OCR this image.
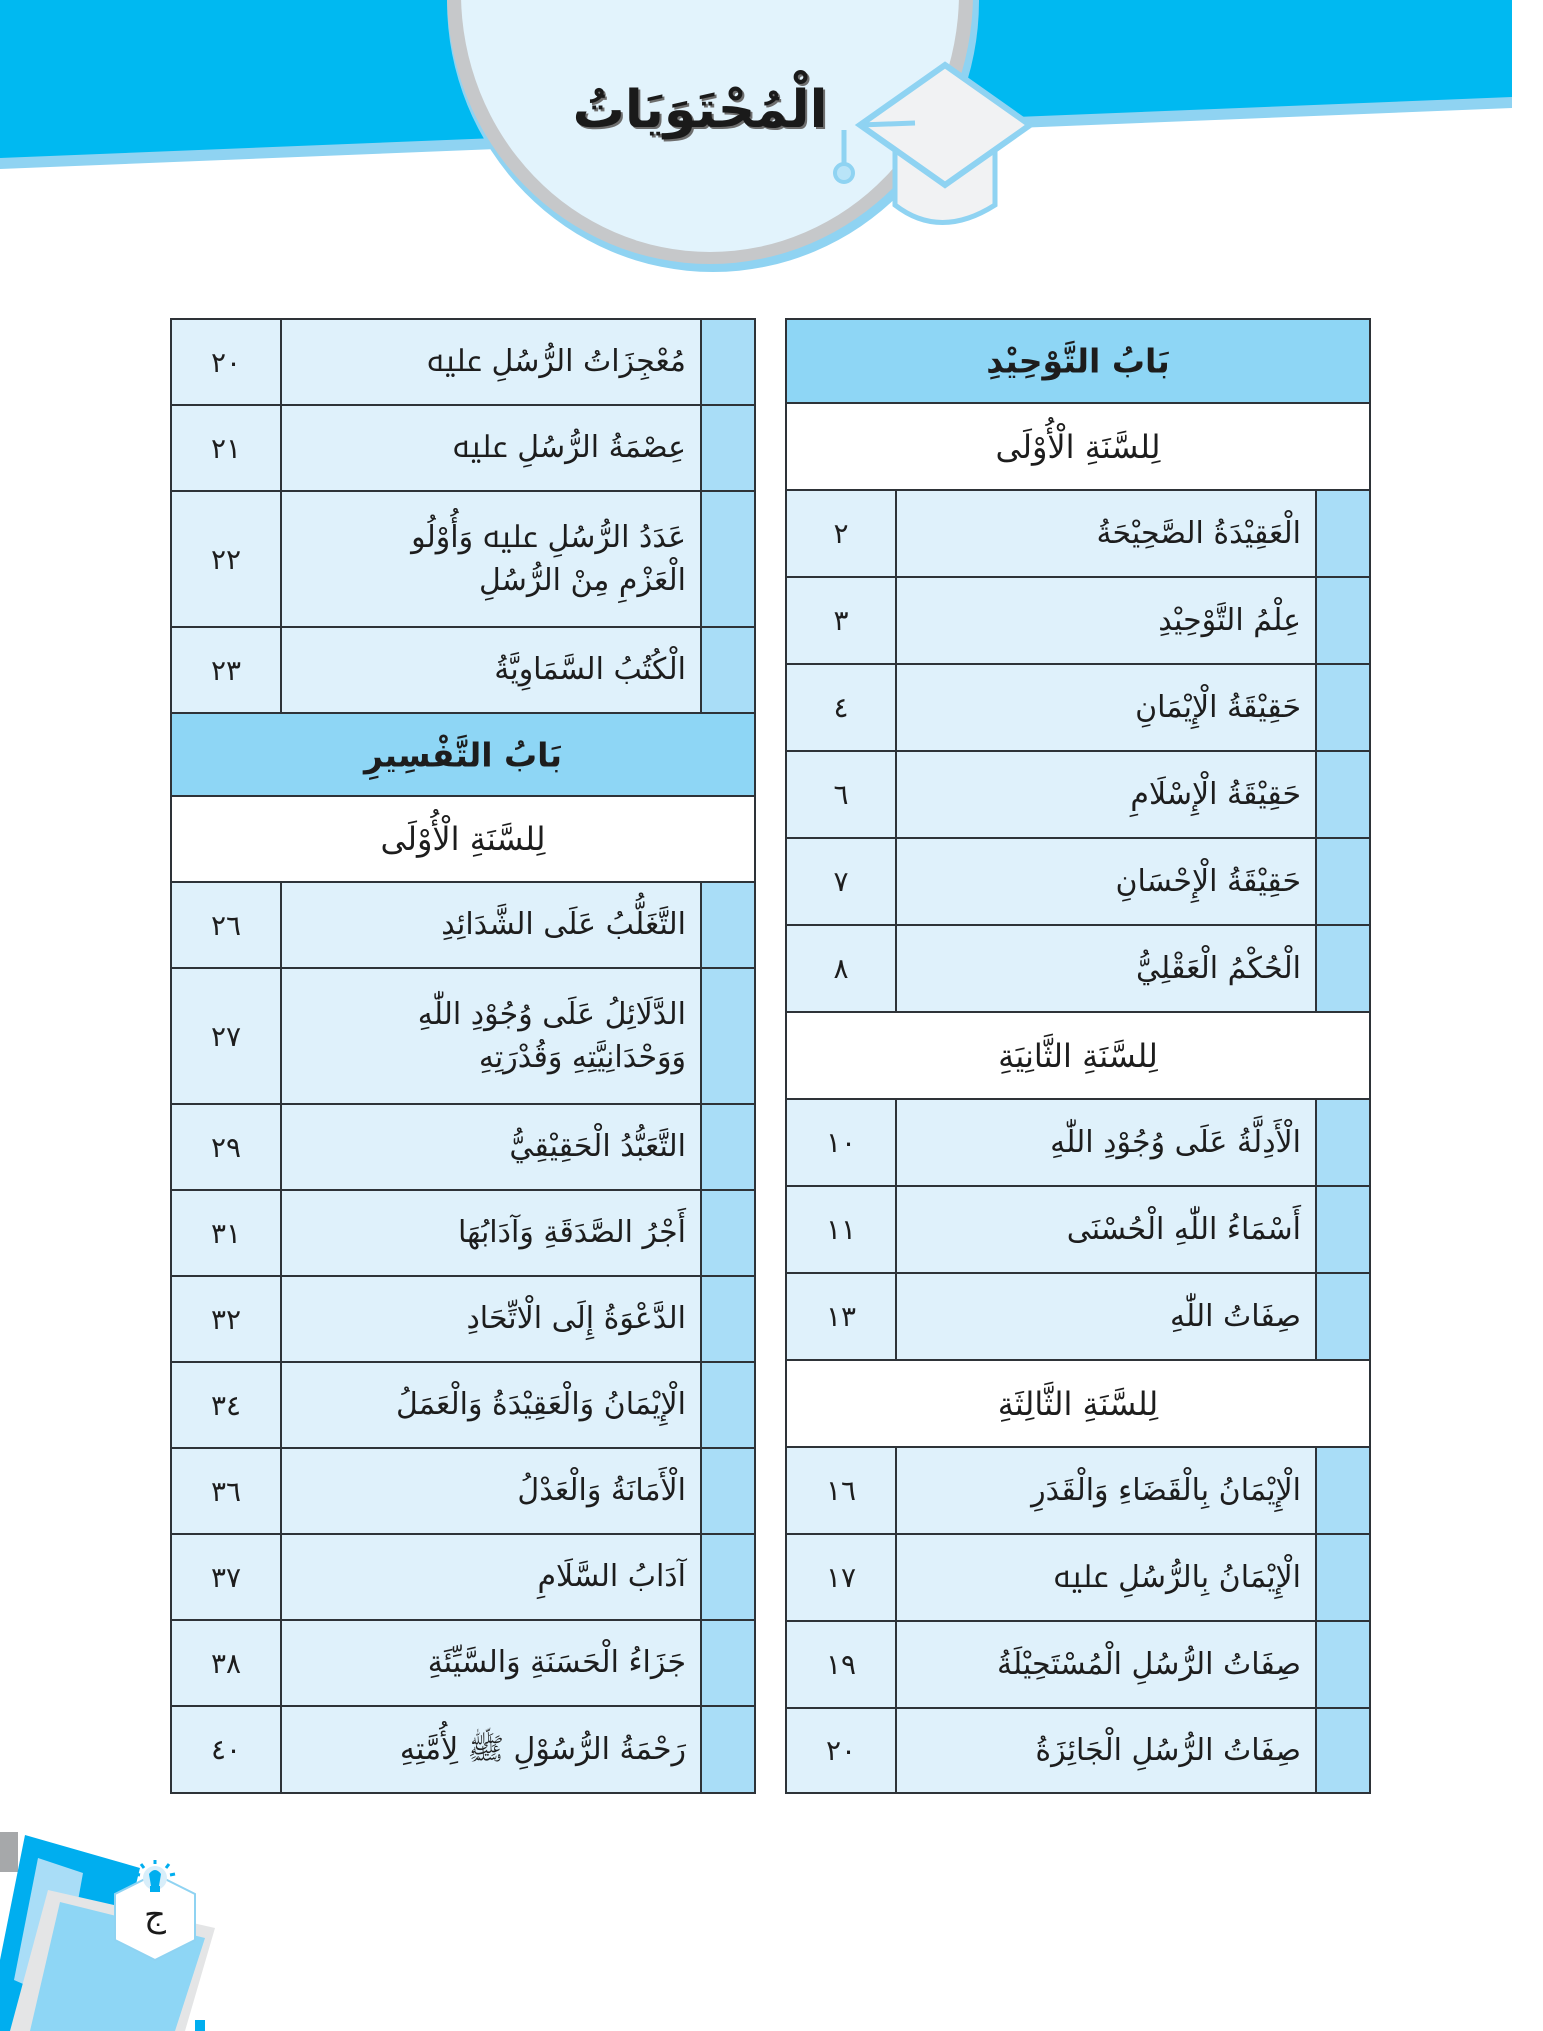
الْمُحْتَوَيَاتُ
بَابُ التَّوْحِيْدِ
لِلسَّنَةِ الْأُوْلَى
الْعَقِيْدَةُ الصَّحِيْحَةُ
٢
عِلْمُ التَّوْحِيْدِ
٣
حَقِيْقَةُ الْإِيْمَانِ
٤
حَقِيْقَةُ الْإِسْلَامِ
٦
حَقِيْقَةُ الْإِحْسَانِ
٧
الْحُكْمُ الْعَقْلِيُّ
٨
لِلسَّنَةِ الثَّانِيَةِ
الْأَدِلَّةُ عَلَى وُجُوْدِ اللّٰهِ
١٠
أَسْمَاءُ اللّٰهِ الْحُسْنَى
١١
صِفَاتُ اللّٰهِ
١٣
لِلسَّنَةِ الثَّالِثَةِ
الْإِيْمَانُ بِالْقَضَاءِ وَالْقَدَرِ
١٦
الْإِيْمَانُ بِالرُّسُلِ ﷷ
١٧
صِفَاتُ الرُّسُلِ الْمُسْتَحِيْلَةُ
١٩
صِفَاتُ الرُّسُلِ الْجَائِزَةُ
٢٠
مُعْجِزَاتُ الرُّسُلِ ﷷ
٢٠
عِصْمَةُ الرُّسُلِ ﷷ
٢١
عَدَدُ الرُّسُلِ ﷷ وَأُوْلُو الْعَزْمِ مِنْ الرُّسُلِ
٢٢
الْكُتُبُ السَّمَاوِيَّةُ
٢٣
بَابُ التَّفْسِيرِ
لِلسَّنَةِ الْأُوْلَى
التَّغَلُّبُ عَلَى الشَّدَائِدِ
٢٦
الدَّلَائِلُ عَلَى وُجُوْدِ اللّٰهِ وَوَحْدَانِيَّتِهِ وَقُدْرَتِهِ
٢٧
التَّعَبُّدُ الْحَقِيْقِيُّ
٢٩
أَجْرُ الصَّدَقَةِ وَآدَابُهَا
٣١
الدَّعْوَةُ إِلَى الْاتِّحَادِ
٣٢
الْإِيْمَانُ وَالْعَقِيْدَةُ وَالْعَمَلُ
٣٤
الْأَمَانَةُ وَالْعَدْلُ
٣٦
آدَابُ السَّلَامِ
٣٧
جَزَاءُ الْحَسَنَةِ وَالسَّيِّئَةِ
٣٨
رَحْمَةُ الرُّسُوْلِ ﷺ لِأُمَّتِهِ
٤٠
ج
